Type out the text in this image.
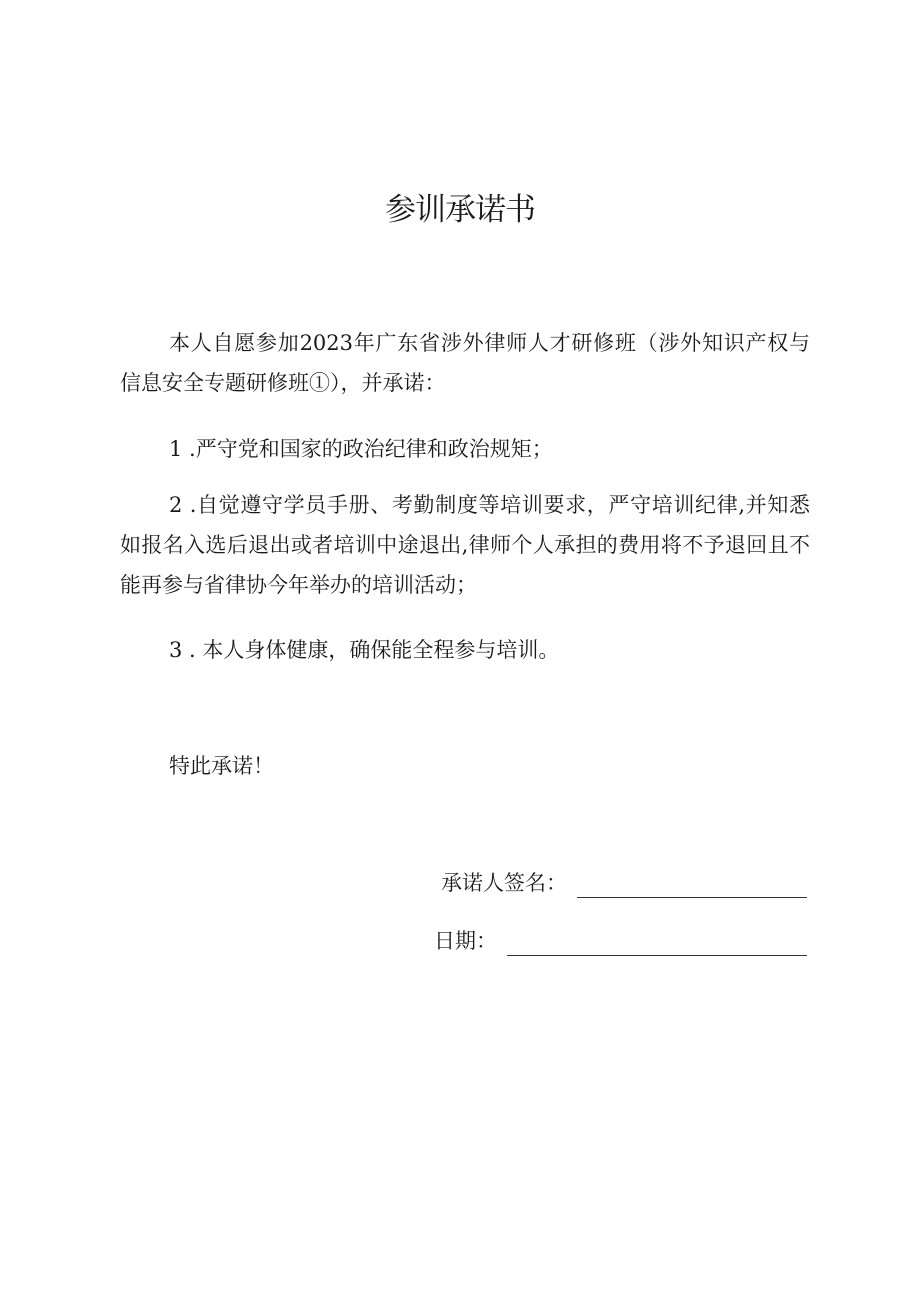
参训承诺书

本人自愿参加2023年广东省涉外律师人才研修班（涉外知识产权与信息安全专题研修班①），并承诺：

1 .严守党和国家的政治纪律和政治规矩；

2 .自觉遵守学员手册、考勤制度等培训要求，严守培训纪律,并知悉如报名入选后退出或者培训中途退出,律师个人承担的费用将不予退回且不能再参与省律协今年举办的培训活动；

3 . 本人身体健康，确保能全程参与培训。

特此承诺！

承诺人签名：
日期：
